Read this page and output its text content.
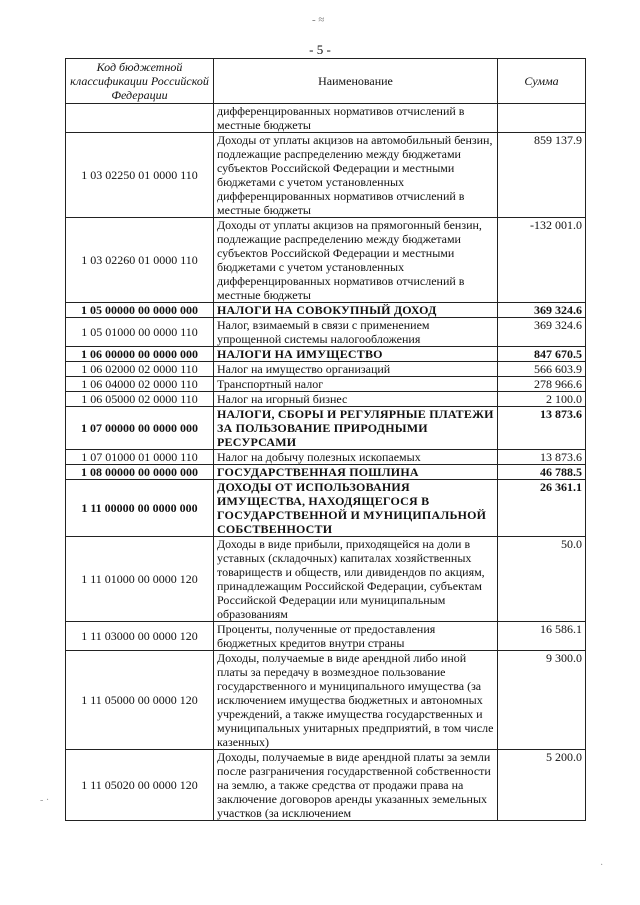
- ≈
- 5 -
Код бюджетной классификации Российской Федерации	Наименование	Сумма
	дифференцированных нормативов отчислений в местные бюджеты	
1 03 02250 01 0000 110	Доходы от уплаты акцизов на автомобильный бензин, подлежащие распределению между бюджетами субъектов Российской Федерации и местными бюджетами с учетом установленных дифференцированных нормативов отчислений в местные бюджеты	859 137.9
1 03 02260 01 0000 110	Доходы от уплаты акцизов на прямогонный бензин, подлежащие распределению между бюджетами субъектов Российской Федерации и местными бюджетами с учетом установленных дифференцированных нормативов отчислений в местные бюджеты	-132 001.0
1 05 00000 00 0000 000	НАЛОГИ НА СОВОКУПНЫЙ ДОХОД	369 324.6
1 05 01000 00 0000 110	Налог, взимаемый в связи с применением упрощенной системы налогообложения	369 324.6
1 06 00000 00 0000 000	НАЛОГИ НА ИМУЩЕСТВО	847 670.5
1 06 02000 02 0000 110	Налог на имущество организаций	566 603.9
1 06 04000 02 0000 110	Транспортный налог	278 966.6
1 06 05000 02 0000 110	Налог на игорный бизнес	2 100.0
1 07 00000 00 0000 000	НАЛОГИ, СБОРЫ И РЕГУЛЯРНЫЕ ПЛАТЕЖИ ЗА ПОЛЬЗОВАНИЕ ПРИРОДНЫМИ РЕСУРСАМИ	13 873.6
1 07 01000 01 0000 110	Налог на добычу полезных ископаемых	13 873.6
1 08 00000 00 0000 000	ГОСУДАРСТВЕННАЯ ПОШЛИНА	46 788.5
1 11 00000 00 0000 000	ДОХОДЫ ОТ ИСПОЛЬЗОВАНИЯ ИМУЩЕСТВА, НАХОДЯЩЕГОСЯ В ГОСУДАРСТВЕННОЙ И МУНИЦИПАЛЬНОЙ СОБСТВЕННОСТИ	26 361.1
1 11 01000 00 0000 120	Доходы в виде прибыли, приходящейся на доли в уставных (складочных) капиталах хозяйственных товариществ и обществ, или дивидендов по акциям, принадлежащим Российской Федерации, субъектам Российской Федерации или муниципальным образованиям	50.0
1 11 03000 00 0000 120	Проценты, полученные от предоставления бюджетных кредитов внутри страны	16 586.1
1 11 05000 00 0000 120	Доходы, получаемые в виде арендной либо иной платы за передачу в возмездное пользование государственного и муниципального имущества (за исключением имущества бюджетных и автономных учреждений, а также имущества государственных и муниципальных унитарных предприятий, в том числе казенных)	9 300.0
1 11 05020 00 0000 120	Доходы, получаемые в виде арендной платы за земли после разграничения государственной собственности на землю, а также средства от продажи права на заключение договоров аренды указанных земельных участков (за исключением	5 200.0
- ·
·
